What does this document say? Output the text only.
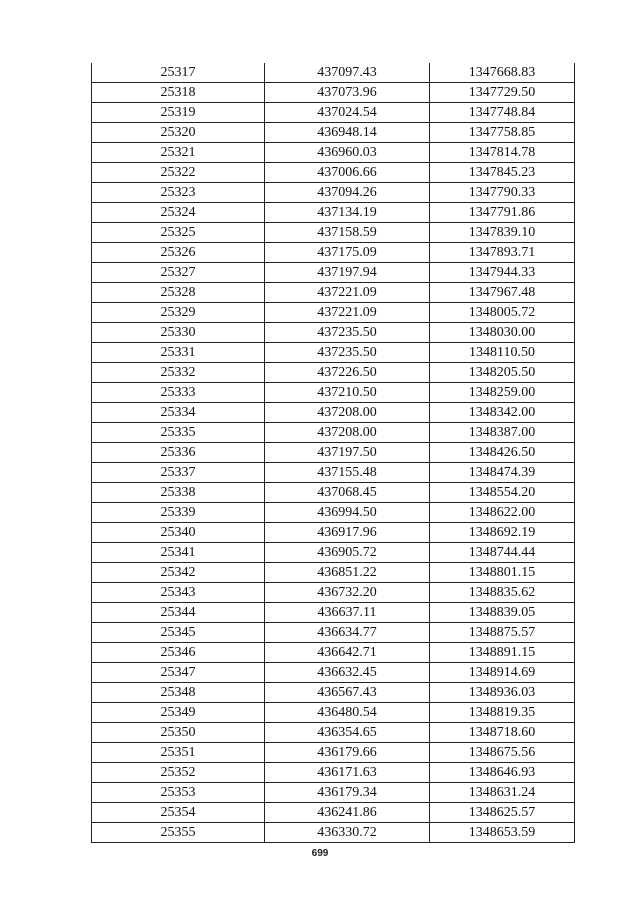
25317	437097.43	1347668.83
25318	437073.96	1347729.50
25319	437024.54	1347748.84
25320	436948.14	1347758.85
25321	436960.03	1347814.78
25322	437006.66	1347845.23
25323	437094.26	1347790.33
25324	437134.19	1347791.86
25325	437158.59	1347839.10
25326	437175.09	1347893.71
25327	437197.94	1347944.33
25328	437221.09	1347967.48
25329	437221.09	1348005.72
25330	437235.50	1348030.00
25331	437235.50	1348110.50
25332	437226.50	1348205.50
25333	437210.50	1348259.00
25334	437208.00	1348342.00
25335	437208.00	1348387.00
25336	437197.50	1348426.50
25337	437155.48	1348474.39
25338	437068.45	1348554.20
25339	436994.50	1348622.00
25340	436917.96	1348692.19
25341	436905.72	1348744.44
25342	436851.22	1348801.15
25343	436732.20	1348835.62
25344	436637.11	1348839.05
25345	436634.77	1348875.57
25346	436642.71	1348891.15
25347	436632.45	1348914.69
25348	436567.43	1348936.03
25349	436480.54	1348819.35
25350	436354.65	1348718.60
25351	436179.66	1348675.56
25352	436171.63	1348646.93
25353	436179.34	1348631.24
25354	436241.86	1348625.57
25355	436330.72	1348653.59
699
